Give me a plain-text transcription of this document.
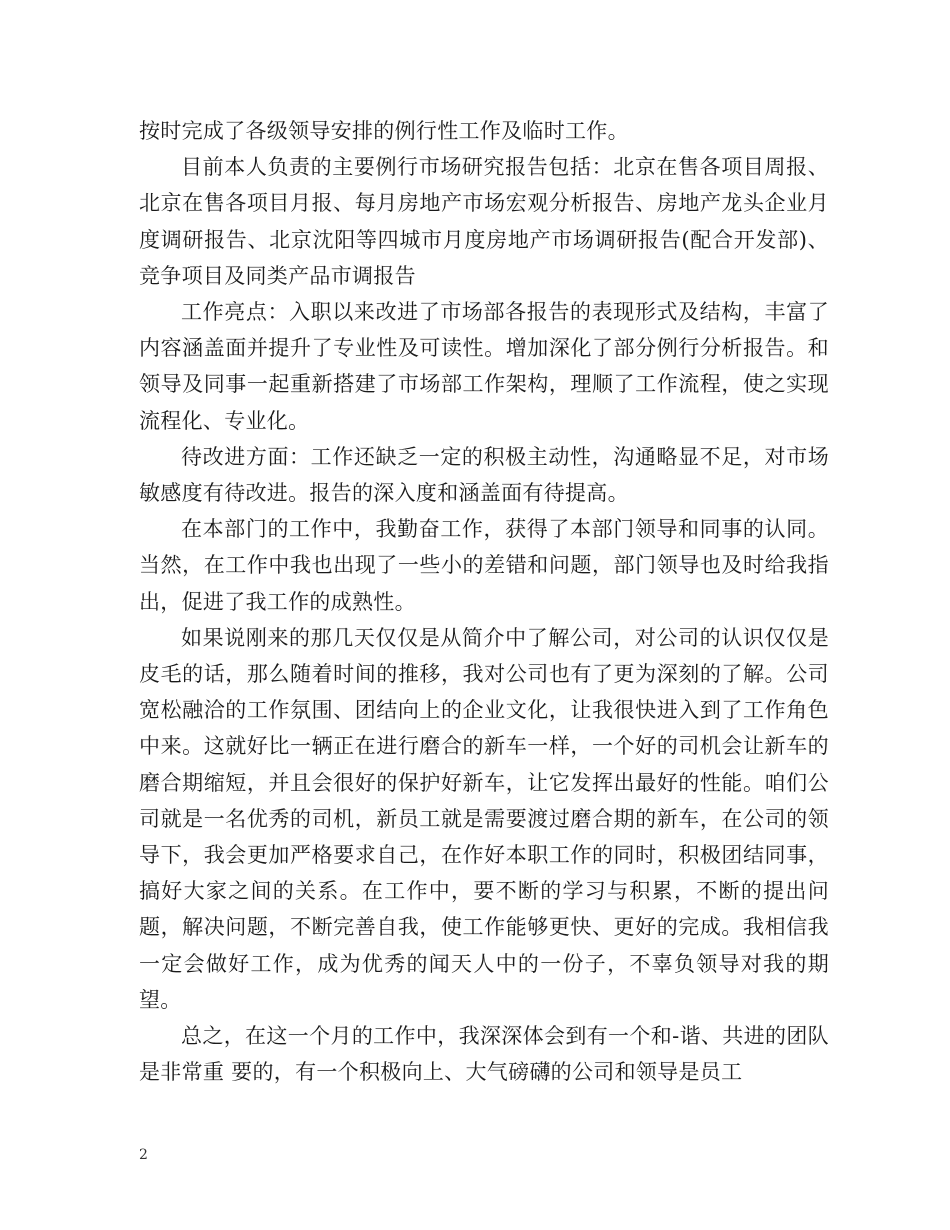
按时完成了各级领导安排的例行性工作及临时工作。

目前本人负责的主要例行市场研究报告包括：北京在售各项目周报、北京在售各项目月报、每月房地产市场宏观分析报告、房地产龙头企业月度调研报告、北京沈阳等四城市月度房地产市场调研报告(配合开发部)、竞争项目及同类产品市调报告

工作亮点：入职以来改进了市场部各报告的表现形式及结构，丰富了内容涵盖面并提升了专业性及可读性。增加深化了部分例行分析报告。和领导及同事一起重新搭建了市场部工作架构，理顺了工作流程，使之实现流程化、专业化。

待改进方面：工作还缺乏一定的积极主动性，沟通略显不足，对市场敏感度有待改进。报告的深入度和涵盖面有待提高。

在本部门的工作中，我勤奋工作，获得了本部门领导和同事的认同。当然，在工作中我也出现了一些小的差错和问题，部门领导也及时给我指出，促进了我工作的成熟性。

如果说刚来的那几天仅仅是从简介中了解公司，对公司的认识仅仅是皮毛的话，那么随着时间的推移，我对公司也有了更为深刻的了解。公司宽松融洽的工作氛围、团结向上的企业文化，让我很快进入到了工作角色中来。这就好比一辆正在进行磨合的新车一样，一个好的司机会让新车的磨合期缩短，并且会很好的保护好新车，让它发挥出最好的性能。咱们公司就是一名优秀的司机，新员工就是需要渡过磨合期的新车，在公司的领导下，我会更加严格要求自己，在作好本职工作的同时，积极团结同事，搞好大家之间的关系。在工作中，要不断的学习与积累，不断的提出问题，解决问题，不断完善自我，使工作能够更快、更好的完成。我相信我一定会做好工作，成为优秀的闻天人中的一份子，不辜负领导对我的期望。

总之，在这一个月的工作中，我深深体会到有一个和-谐、共进的团队是非常重 要的，有一个积极向上、大气磅礴的公司和领导是员工

2
